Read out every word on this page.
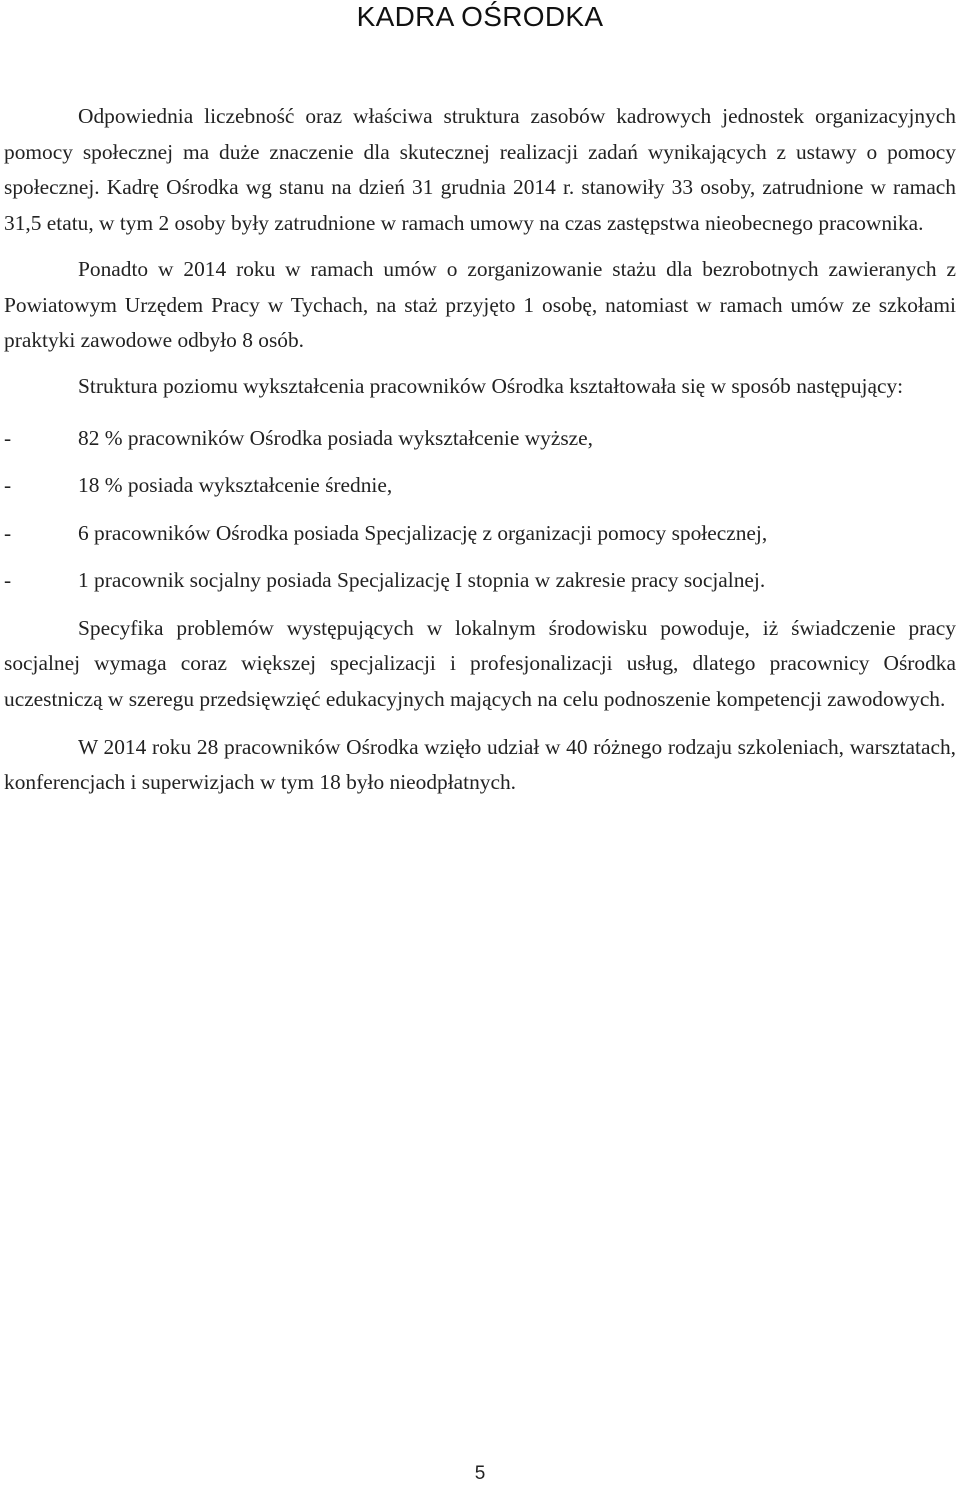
KADRA OŚRODKA

Odpowiednia liczebność oraz właściwa struktura zasobów kadrowych jednostek organizacyjnych pomocy społecznej ma duże znaczenie dla skutecznej realizacji zadań wynikających z ustawy o pomocy społecznej. Kadrę Ośrodka wg stanu na dzień 31 grudnia 2014 r. stanowiły 33 osoby, zatrudnione w ramach 31,5 etatu, w tym 2 osoby były zatrudnione w ramach umowy na czas zastępstwa nieobecnego pracownika.

Ponadto w 2014 roku w ramach umów o zorganizowanie stażu dla bezrobotnych zawieranych z Powiatowym Urzędem Pracy w Tychach, na staż przyjęto 1 osobę, natomiast w ramach umów ze szkołami praktyki zawodowe odbyło 8 osób.

Struktura poziomu wykształcenia pracowników Ośrodka kształtowała się w sposób następujący:

-	82 % pracowników Ośrodka posiada wykształcenie wyższe,
-	18 % posiada wykształcenie średnie,
-	6 pracowników Ośrodka posiada Specjalizację z organizacji pomocy społecznej,
-	1 pracownik socjalny posiada Specjalizację I stopnia w zakresie pracy socjalnej.

Specyfika problemów występujących w lokalnym środowisku powoduje, iż świadczenie pracy socjalnej wymaga coraz większej specjalizacji i profesjonalizacji usług, dlatego pracownicy Ośrodka uczestniczą w szeregu przedsięwzięć edukacyjnych mających na celu podnoszenie kompetencji zawodowych.

W 2014 roku 28 pracowników Ośrodka wzięło udział w 40 różnego rodzaju szkoleniach, warsztatach, konferencjach i superwizjach w tym 18 było nieodpłatnych.

5
